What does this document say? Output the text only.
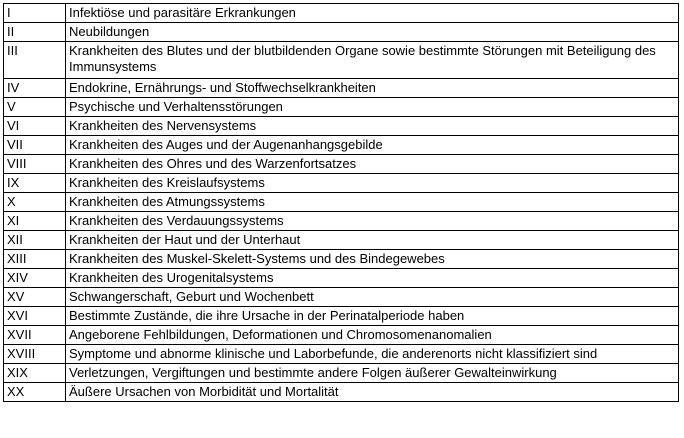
I	Infektiöse und parasitäre Erkrankungen
II	Neubildungen
III	Krankheiten des Blutes und der blutbildenden Organe sowie bestimmte Störungen mit Beteiligung des Immunsystems
IV	Endokrine, Ernährungs- und Stoffwechselkrankheiten
V	Psychische und Verhaltensstörungen
VI	Krankheiten des Nervensystems
VII	Krankheiten des Auges und der Augenanhangsgebilde
VIII	Krankheiten des Ohres und des Warzenfortsatzes
IX	Krankheiten des Kreislaufsystems
X	Krankheiten des Atmungssystems
XI	Krankheiten des Verdauungssystems
XII	Krankheiten der Haut und der Unterhaut
XIII	Krankheiten des Muskel-Skelett-Systems und des Bindegewebes
XIV	Krankheiten des Urogenitalsystems
XV	Schwangerschaft, Geburt und Wochenbett
XVI	Bestimmte Zustände, die ihre Ursache in der Perinatalperiode haben
XVII	Angeborene Fehlbildungen, Deformationen und Chromosomenanomalien
XVIII	Symptome und abnorme klinische und Laborbefunde, die anderenorts nicht klassifiziert sind
XIX	Verletzungen, Vergiftungen und bestimmte andere Folgen äußerer Gewalteinwirkung
XX	Äußere Ursachen von Morbidität und Mortalität
